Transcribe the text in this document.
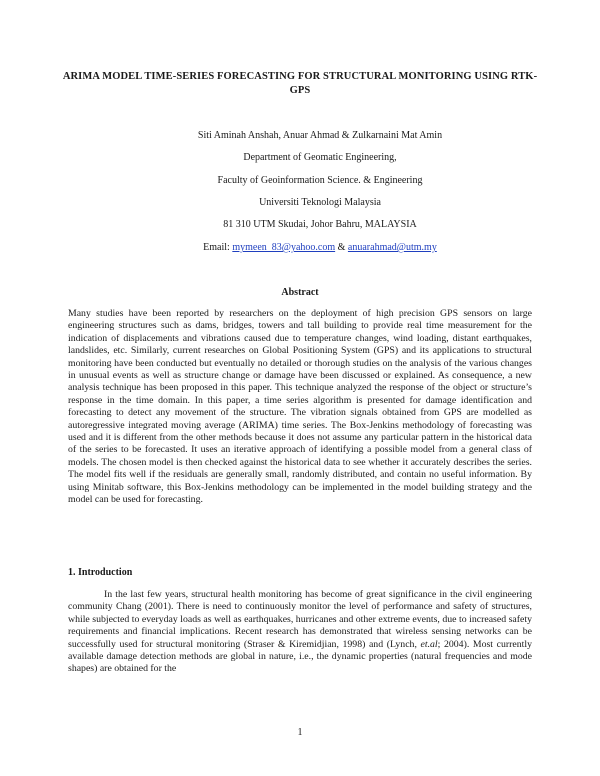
ARIMA MODEL TIME-SERIES FORECASTING FOR STRUCTURAL MONITORING USING RTK-GPS
Siti Aminah Anshah, Anuar Ahmad & Zulkarnaini Mat Amin
Department of Geomatic Engineering,
Faculty of Geoinformation Science. & Engineering
Universiti Teknologi Malaysia
81 310 UTM Skudai, Johor Bahru, MALAYSIA
Email: mymeen_83@yahoo.com & anuarahmad@utm.my
Abstract

Many studies have been reported by researchers on the deployment of high precision GPS sensors on large engineering structures such as dams, bridges, towers and tall building to provide real time measurement for the indication of displacements and vibrations caused due to temperature changes, wind loading, distant earthquakes, landslides, etc. Similarly, current researches on Global Positioning System (GPS) and its applications to structural monitoring have been conducted but eventually no detailed or thorough studies on the analysis of the various changes in unusual events as well as structure change or damage have been discussed or explained. As consequence, a new analysis technique has been proposed in this paper. This technique analyzed the response of the object or structure’s response in the time domain. In this paper, a time series algorithm is presented for damage identification and forecasting to detect any movement of the structure. The vibration signals obtained from GPS are modelled as autoregressive integrated moving average (ARIMA) time series. The Box-Jenkins methodology of forecasting was used and it is different from the other methods because it does not assume any particular pattern in the historical data of the series to be forecasted. It uses an iterative approach of identifying a possible model from a general class of models. The chosen model is then checked against the historical data to see whether it accurately describes the series. The model fits well if the residuals are generally small, randomly distributed, and contain no useful information. By using Minitab software, this Box-Jenkins methodology can be implemented in the model building strategy and the model can be used for forecasting.

1. Introduction

In the last few years, structural health monitoring has become of great significance in the civil engineering community Chang (2001). There is need to continuously monitor the level of performance and safety of structures, while subjected to everyday loads as well as earthquakes, hurricanes and other extreme events, due to increased safety requirements and financial implications. Recent research has demonstrated that wireless sensing networks can be successfully used for structural monitoring (Straser & Kiremidjian, 1998) and (Lynch, et.al; 2004). Most currently available damage detection methods are global in nature, i.e., the dynamic properties (natural frequencies and mode shapes) are obtained for the

1
